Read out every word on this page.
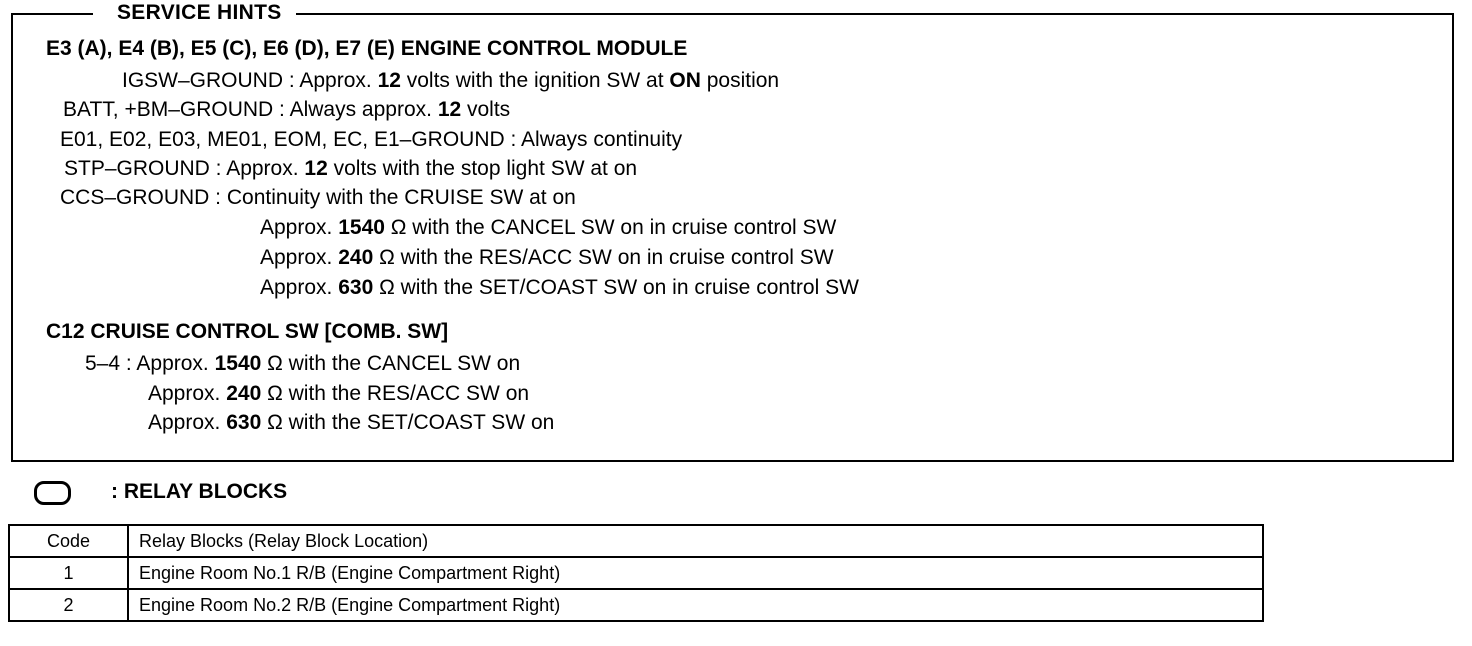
SERVICE HINTS
E3 (A), E4 (B), E5 (C), E6 (D), E7 (E) ENGINE CONTROL MODULE
IGSW–GROUND : Approx. 12 volts with the ignition SW at ON position
BATT, +BM–GROUND : Always approx. 12 volts
E01, E02, E03, ME01, EOM, EC, E1–GROUND : Always continuity
STP–GROUND : Approx. 12 volts with the stop light SW at on
CCS–GROUND : Continuity with the CRUISE SW at on
Approx. 1540 Ω with the CANCEL SW on in cruise control SW
Approx. 240 Ω with the RES/ACC SW on in cruise control SW
Approx. 630 Ω with the SET/COAST SW on in cruise control SW
C12 CRUISE CONTROL SW [COMB. SW]
5–4 : Approx. 1540 Ω with the CANCEL SW on
Approx. 240 Ω with the RES/ACC SW on
Approx. 630 Ω with the SET/COAST SW on
: RELAY BLOCKS
Code	Relay Blocks (Relay Block Location)
1	Engine Room No.1 R/B (Engine Compartment Right)
2	Engine Room No.2 R/B (Engine Compartment Right)
